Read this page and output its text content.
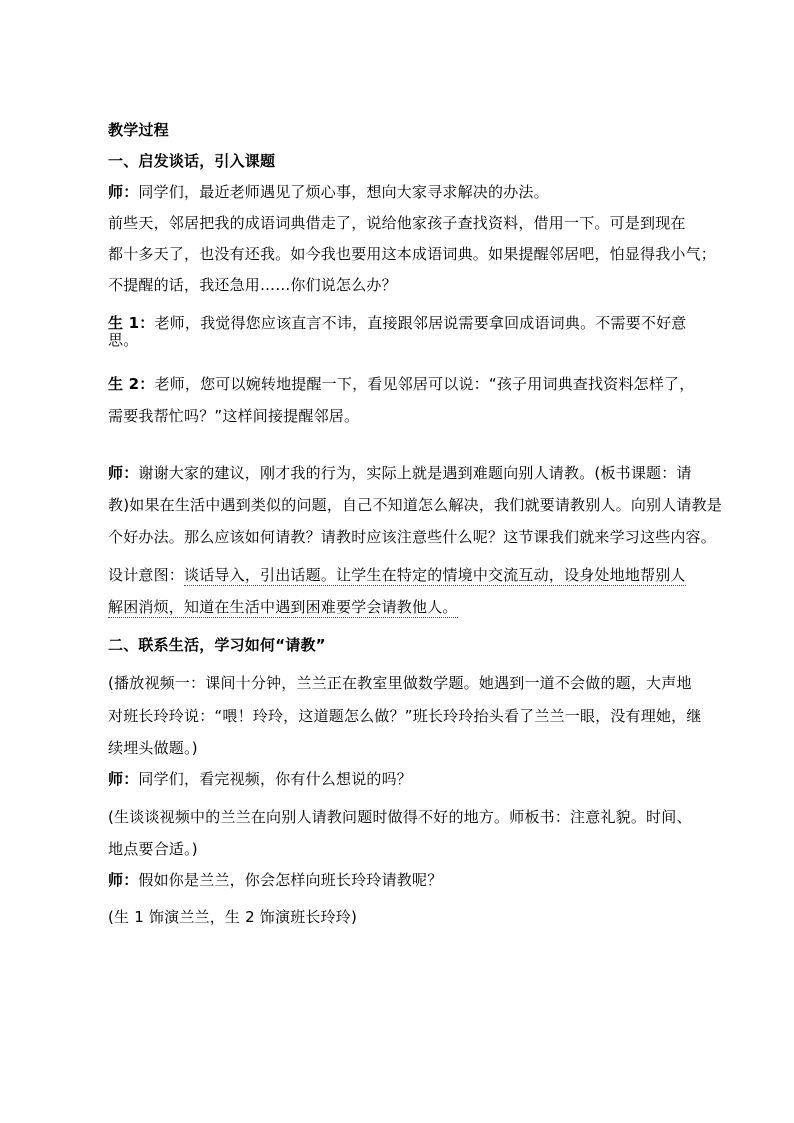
教学过程
一、启发谈话，引入课题
师：同学们，最近老师遇见了烦心事，想向大家寻求解决的办法。
前些天，邻居把我的成语词典借走了，说给他家孩子查找资料，借用一下。可是到现在
都十多天了，也没有还我。如今我也要用这本成语词典。如果提醒邻居吧，怕显得我小气；
不提醒的话，我还急用……你们说怎么办？
生 1：老师，我觉得您应该直言不讳，直接跟邻居说需要拿回成语词典。不需要不好意
思。
生 2：老师，您可以婉转地提醒一下，看见邻居可以说：“孩子用词典查找资料怎样了，
需要我帮忙吗？”这样间接提醒邻居。
师：谢谢大家的建议，刚才我的行为，实际上就是遇到难题向别人请教。(板书课题：请
教)如果在生活中遇到类似的问题，自己不知道怎么解决，我们就要请教别人。向别人请教是
个好办法。那么应该如何请教？请教时应该注意些什么呢？这节课我们就来学习这些内容。
设计意图：谈话导入，引出话题。让学生在特定的情境中交流互动，设身处地地帮别人
解困消烦，知道在生活中遇到困难要学会请教他人。
二、联系生活，学习如何“请教”
(播放视频一：课间十分钟，兰兰正在教室里做数学题。她遇到一道不会做的题，大声地
对班长玲玲说：“喂！玲玲，这道题怎么做？”班长玲玲抬头看了兰兰一眼，没有理她，继
续埋头做题。)
师：同学们，看完视频，你有什么想说的吗？
(生谈谈视频中的兰兰在向别人请教问题时做得不好的地方。师板书：注意礼貌。时间、
地点要合适。)
师：假如你是兰兰，你会怎样向班长玲玲请教呢？
(生 1 饰演兰兰，生 2 饰演班长玲玲)
